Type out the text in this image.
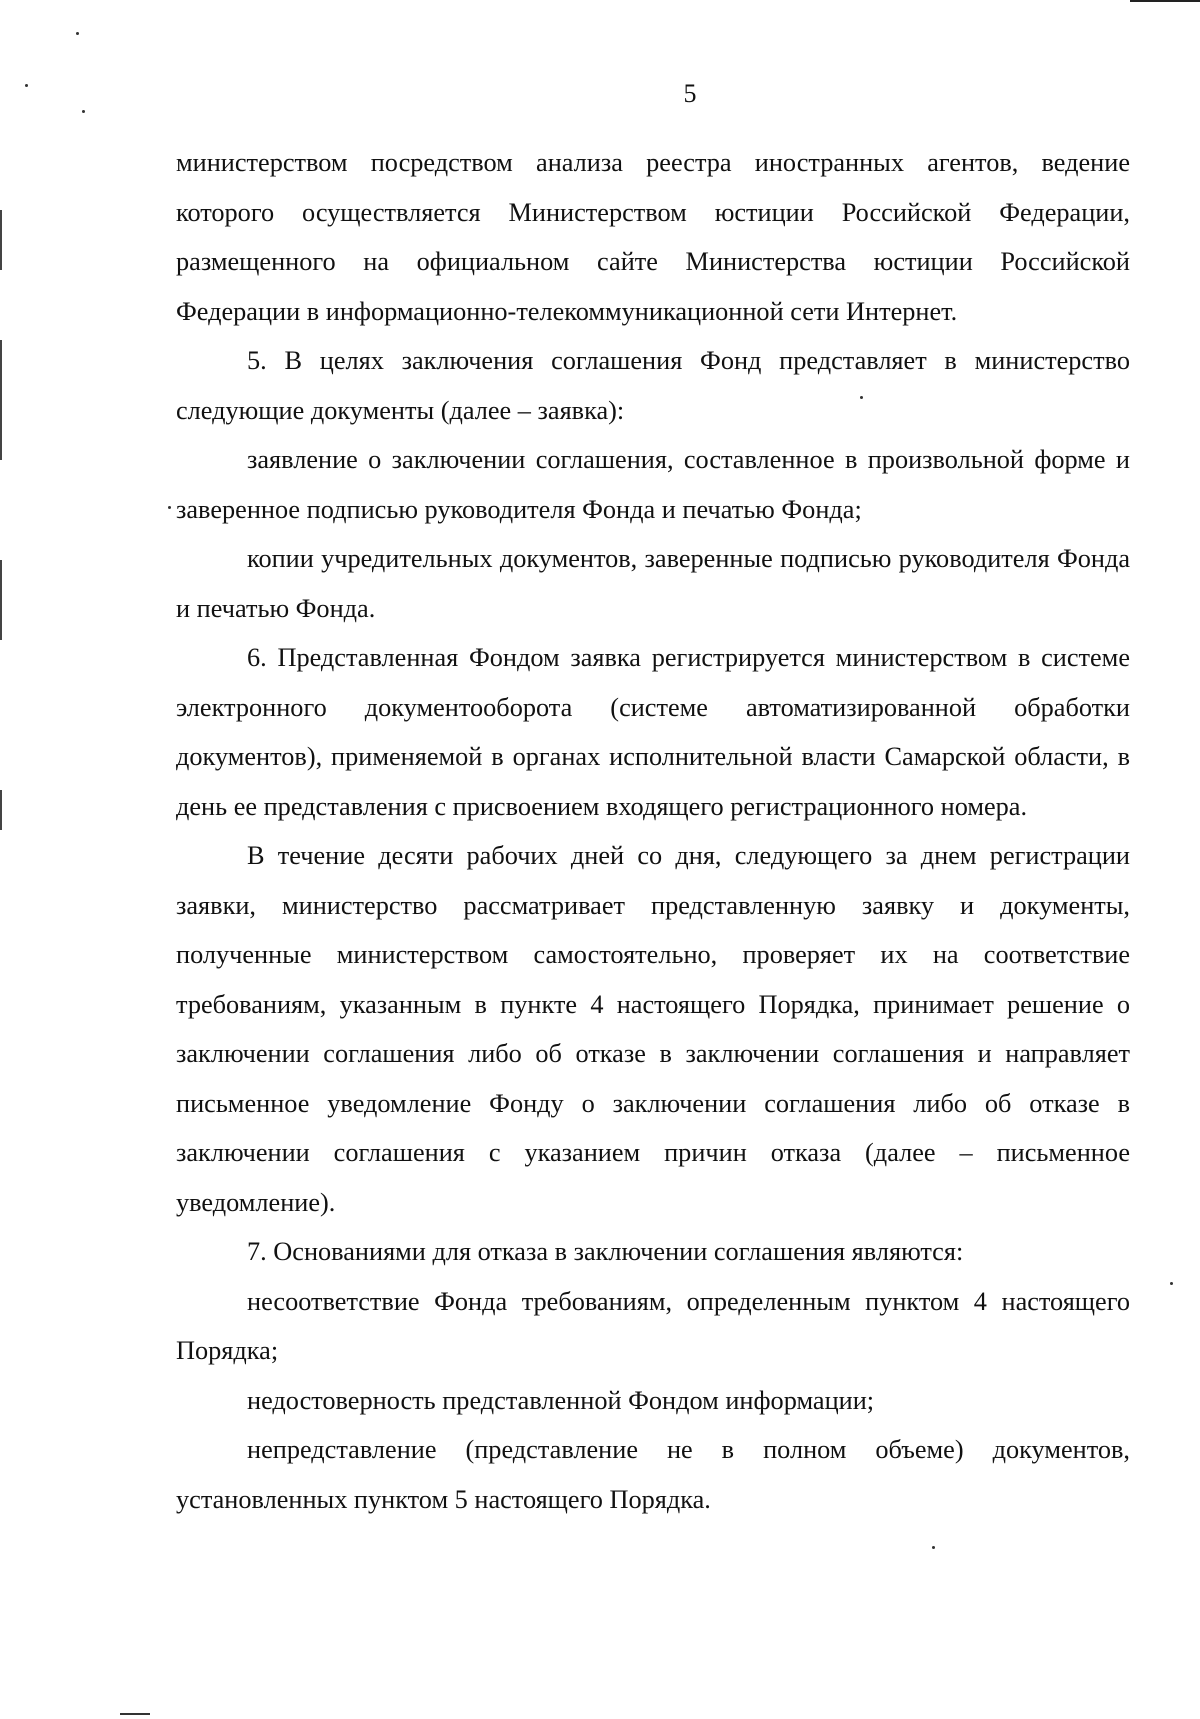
5

министерством посредством анализа реестра иностранных агентов, ведение которого осуществляется Министерством юстиции Российской Федерации, размещенного на официальном сайте Министерства юстиции Российской Федерации в информационно-телекоммуникационной сети Интернет.

5. В целях заключения соглашения Фонд представляет в министерство следующие документы (далее – заявка):

заявление о заключении соглашения, составленное в произвольной форме и заверенное подписью руководителя Фонда и печатью Фонда;

копии учредительных документов, заверенные подписью руководителя Фонда и печатью Фонда.

6. Представленная Фондом заявка регистрируется министерством в системе электронного документооборота (системе автоматизированной обработки документов), применяемой в органах исполнительной власти Самарской области, в день ее представления с присвоением входящего регистрационного номера.

В течение десяти рабочих дней со дня, следующего за днем регистрации заявки, министерство рассматривает представленную заявку и документы, полученные министерством самостоятельно, проверяет их на соответствие требованиям, указанным в пункте 4 настоящего Порядка, принимает решение о заключении соглашения либо об отказе в заключении соглашения и направляет письменное уведомление Фонду о заключении соглашения либо об отказе в заключении соглашения с указанием причин отказа (далее – письменное уведомление).

7. Основаниями для отказа в заключении соглашения являются:

несоответствие Фонда требованиям, определенным пунктом 4 настоящего Порядка;

недостоверность представленной Фондом информации;

непредставление (представление не в полном объеме) документов, установленных пунктом 5 настоящего Порядка.
